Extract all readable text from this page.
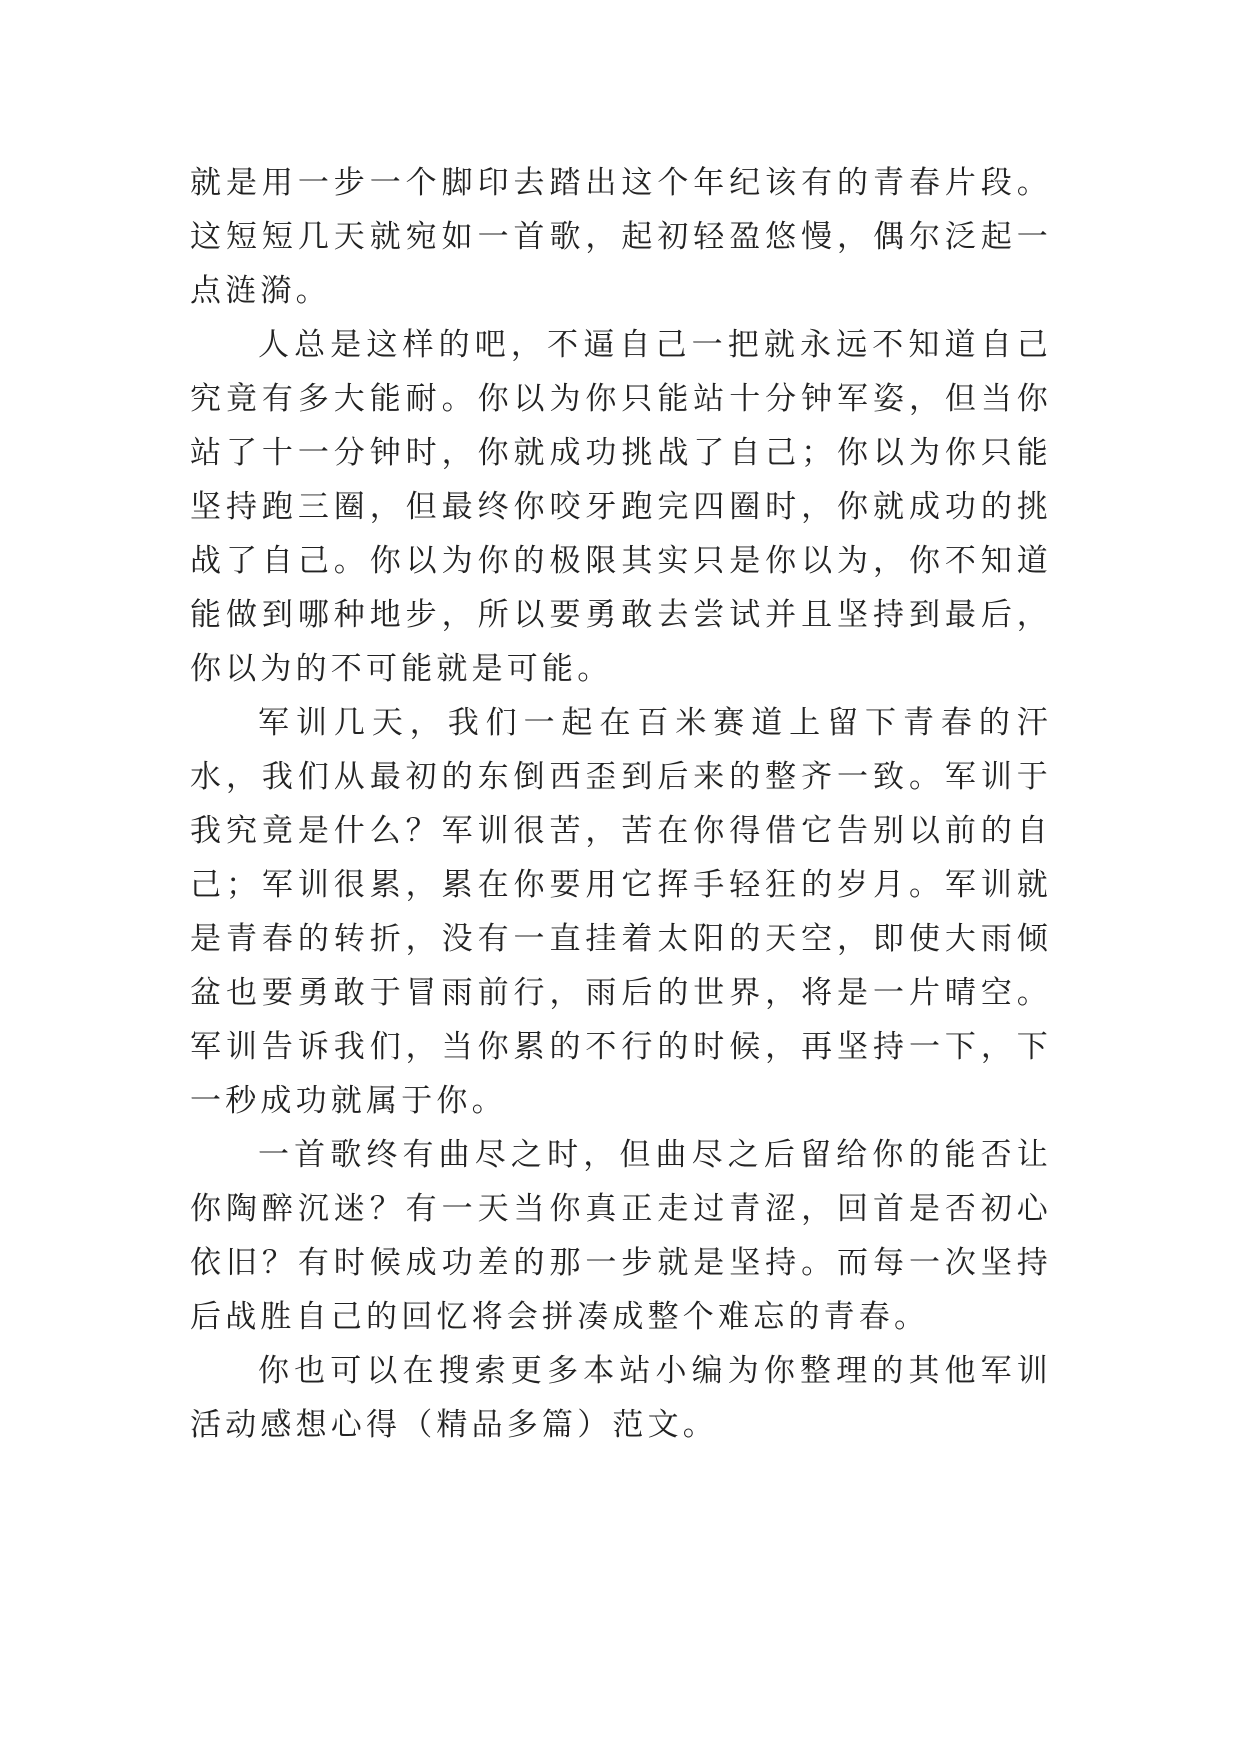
就是用一步一个脚印去踏出这个年纪该有的青春片段。这短短几天就宛如一首歌，起初轻盈悠慢，偶尔泛起一点涟漪。

人总是这样的吧，不逼自己一把就永远不知道自己究竟有多大能耐。你以为你只能站十分钟军姿，但当你站了十一分钟时，你就成功挑战了自己；你以为你只能坚持跑三圈，但最终你咬牙跑完四圈时，你就成功的挑战了自己。你以为你的极限其实只是你以为，你不知道能做到哪种地步，所以要勇敢去尝试并且坚持到最后，你以为的不可能就是可能。

军训几天，我们一起在百米赛道上留下青春的汗水，我们从最初的东倒西歪到后来的整齐一致。军训于我究竟是什么？军训很苦，苦在你得借它告别以前的自己；军训很累，累在你要用它挥手轻狂的岁月。军训就是青春的转折，没有一直挂着太阳的天空，即使大雨倾盆也要勇敢于冒雨前行，雨后的世界，将是一片晴空。军训告诉我们，当你累的不行的时候，再坚持一下，下一秒成功就属于你。

一首歌终有曲尽之时，但曲尽之后留给你的能否让你陶醉沉迷？有一天当你真正走过青涩，回首是否初心依旧？有时候成功差的那一步就是坚持。而每一次坚持后战胜自己的回忆将会拼凑成整个难忘的青春。

你也可以在搜索更多本站小编为你整理的其他军训活动感想心得（精品多篇）范文。
